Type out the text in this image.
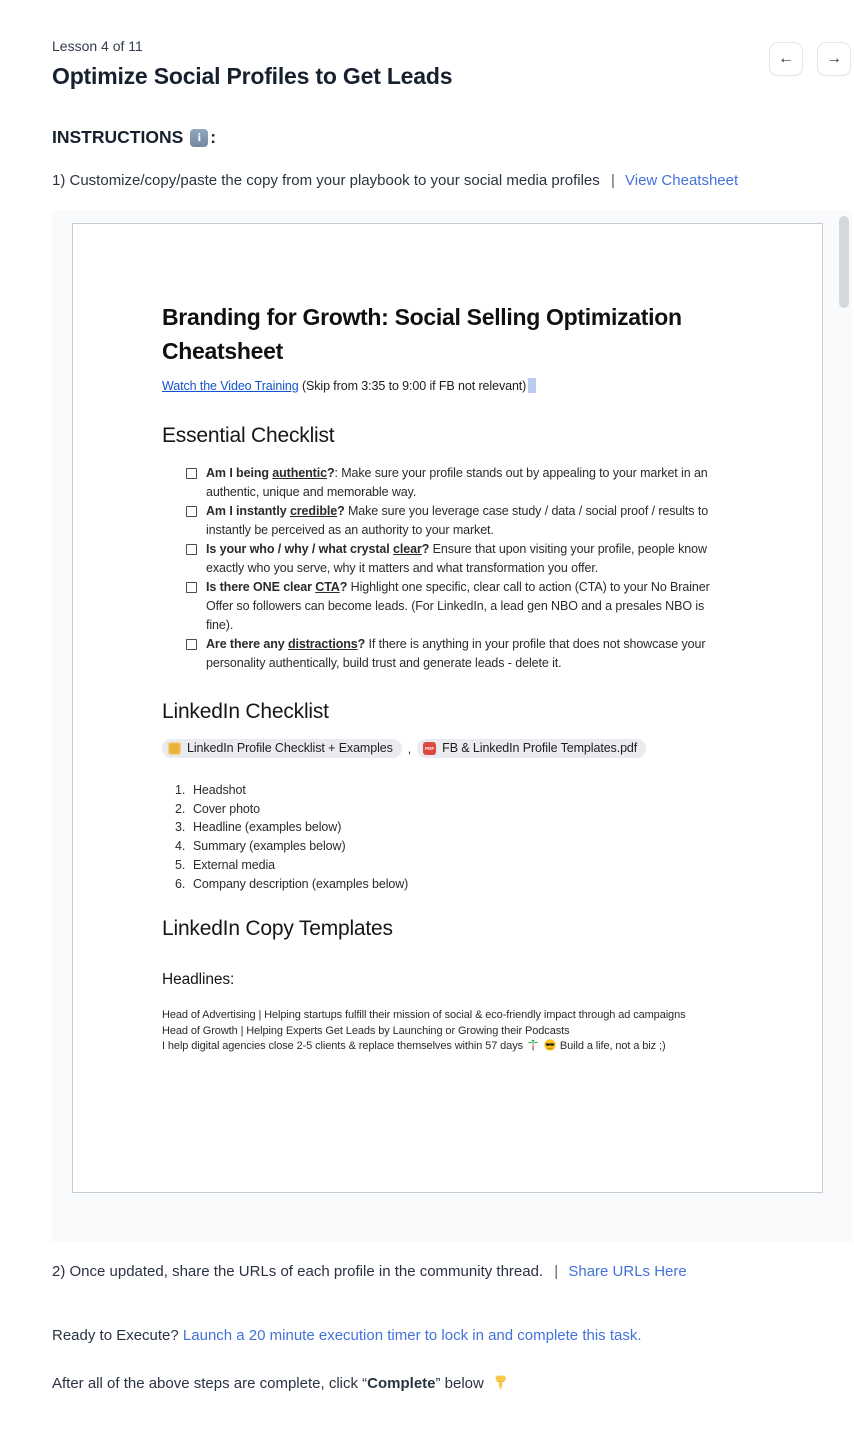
Lesson 4 of 11
Optimize Social Profiles to Get Leads
← →
INSTRUCTIONS	i :
1) Customize/copy/paste the copy from your playbook to your social media profiles | View Cheatsheet
Branding for Growth: Social Selling Optimization Cheatsheet
Watch the Video Training (Skip from 3:35 to 9:00 if FB not relevant)
Essential Checklist
Am I being authentic?: Make sure your profile stands out by appealing to your market in an authentic, unique and memorable way.
Am I instantly credible? Make sure you leverage case study / data / social proof / results to instantly be perceived as an authority to your market.
Is your who / why / what crystal clear? Ensure that upon visiting your profile, people know exactly who you serve, why it matters and what transformation you offer.
Is there ONE clear CTA? Highlight one specific, clear call to action (CTA) to your No Brainer Offer so followers can become leads. (For LinkedIn, a lead gen NBO and a presales NBO is fine).
Are there any distractions? If there is anything in your profile that does not showcase your personality authentically, build trust and generate leads - delete it.
LinkedIn Checklist
LinkedIn Profile Checklist + Examples ,	PDF FB & LinkedIn Profile Templates.pdf
1. Headshot
2. Cover photo
3. Headline (examples below)
4. Summary (examples below)
5. External media
6. Company description (examples below)
LinkedIn Copy Templates
Headlines:
Head of Advertising | Helping startups fulfill their mission of social & eco-friendly impact through ad campaigns
Head of Growth | Helping Experts Get Leads by Launching or Growing their Podcasts
I help digital agencies close 2-5 clients & replace themselves within 57 days	Build a life, not a biz ;)
2) Once updated, share the URLs of each profile in the community thread. | Share URLs Here
Ready to Execute? Launch a 20 minute execution timer to lock in and complete this task.
After all of the above steps are complete, click “Complete” below
